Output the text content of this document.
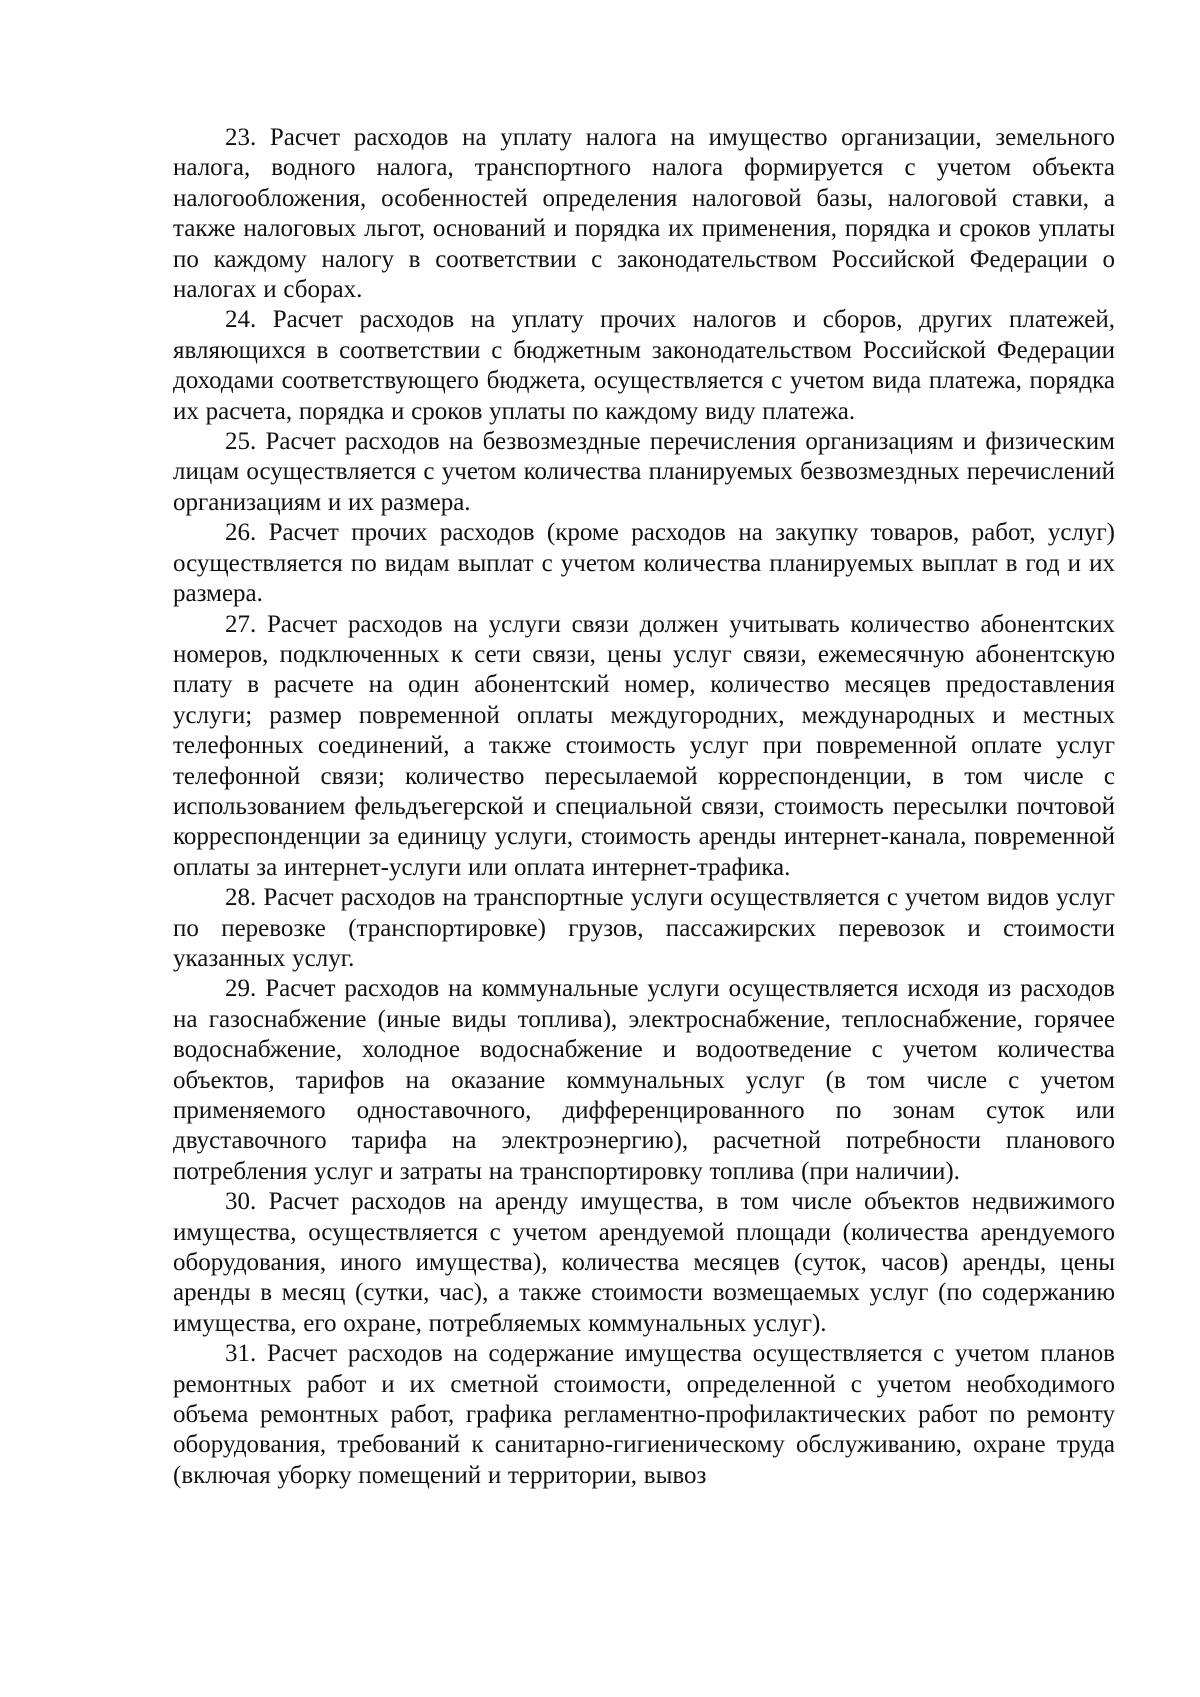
23. Расчет расходов на уплату налога на имущество организации, земельного налога, водного налога, транспортного налога формируется с учетом объекта налогообложения, особенностей определения налоговой базы, налоговой ставки, а также налоговых льгот, оснований и порядка их применения, порядка и сроков уплаты по каждому налогу в соответствии с законодательством Российской Федерации о налогах и сборах.

24. Расчет расходов на уплату прочих налогов и сборов, других платежей, являющихся в соответствии с бюджетным законодательством Российской Федерации доходами соответствующего бюджета, осуществляется с учетом вида платежа, порядка их расчета, порядка и сроков уплаты по каждому виду платежа.

25. Расчет расходов на безвозмездные перечисления организациям и физическим лицам осуществляется с учетом количества планируемых безвозмездных перечислений организациям и их размера.

26. Расчет прочих расходов (кроме расходов на закупку товаров, работ, услуг) осуществляется по видам выплат с учетом количества планируемых выплат в год и их размера.

27. Расчет расходов на услуги связи должен учитывать количество абонентских номеров, подключенных к сети связи, цены услуг связи, ежемесячную абонентскую плату в расчете на один абонентский номер, количество месяцев предоставления услуги; размер повременной оплаты междугородних, международных и местных телефонных соединений, а также стоимость услуг при повременной оплате услуг телефонной связи; количество пересылаемой корреспонденции, в том числе с использованием фельдъегерской и специальной связи, стоимость пересылки почтовой корреспонденции за единицу услуги, стоимость аренды интернет-канала, повременной оплаты за интернет-услуги или оплата интернет-трафика.

28. Расчет расходов на транспортные услуги осуществляется с учетом видов услуг по перевозке (транспортировке) грузов, пассажирских перевозок и стоимости указанных услуг.

29. Расчет расходов на коммунальные услуги осуществляется исходя из расходов на газоснабжение (иные виды топлива), электроснабжение, теплоснабжение, горячее водоснабжение, холодное водоснабжение и водоотведение с учетом количества объектов, тарифов на оказание коммунальных услуг (в том числе с учетом применяемого одноставочного, дифференцированного по зонам суток или двуставочного тарифа на электроэнергию), расчетной потребности планового потребления услуг и затраты на транспортировку топлива (при наличии).

30. Расчет расходов на аренду имущества, в том числе объектов недвижимого имущества, осуществляется с учетом арендуемой площади (количества арендуемого оборудования, иного имущества), количества месяцев (суток, часов) аренды, цены аренды в месяц (сутки, час), а также стоимости возмещаемых услуг (по содержанию имущества, его охране, потребляемых коммунальных услуг).

31. Расчет расходов на содержание имущества осуществляется с учетом планов ремонтных работ и их сметной стоимости, определенной с учетом необходимого объема ремонтных работ, графика регламентно-профилактических работ по ремонту оборудования, требований к санитарно-гигиеническому обслуживанию, охране труда (включая уборку помещений и территории, вывоз
